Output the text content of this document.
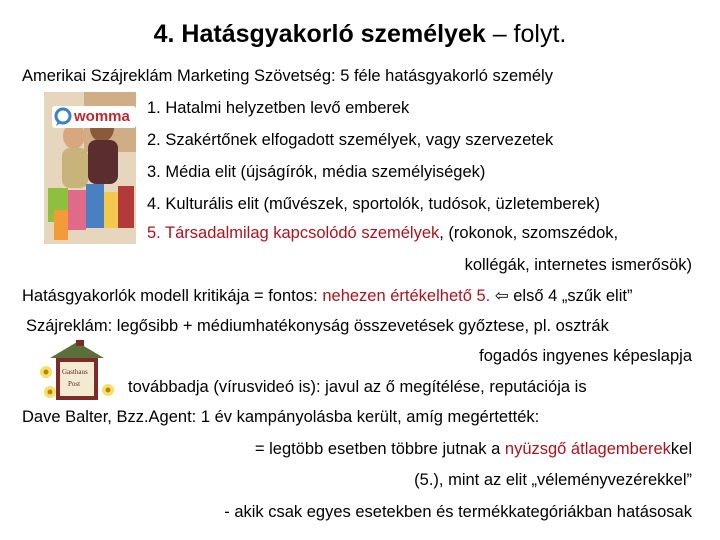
4. Hatásgyakorló személyek – folyt.
Amerikai Szájreklám Marketing Szövetség: 5 féle hatásgyakorló személy
womma 1. Hatalmi helyzetben levő emberek
2. Szakértőnek elfogadott személyek, vagy szervezetek
3. Média elit (újságírók, média személyiségek)
4. Kulturális elit (művészek, sportolók, tudósok, üzletemberek)
5. Társadalmilag kapcsolódó személyek, (rokonok, szomszédok,
kollégák, internetes ismerősök)
Hatásgyakorlók modell kritikája = fontos: nehezen értékelhető 5. ⇦ első 4 „szűk elit”
Szájreklám: legősibb + médiumhatékonyság összevetések győztese, pl. osztrák
fogadós ingyenes képeslapja
továbbadja (vírusvideó is): javul az ő megítélése, reputációja is
Gasthaus
Post
Dave Balter, Bzz.Agent: 1 év kampányolásba került, amíg megértették:
= legtöbb esetben többre jutnak a nyüzsgő átlagemberekkel
(5.), mint az elit „véleményvezérekkel”
- akik csak egyes esetekben és termékkategóriákban hatásosak
